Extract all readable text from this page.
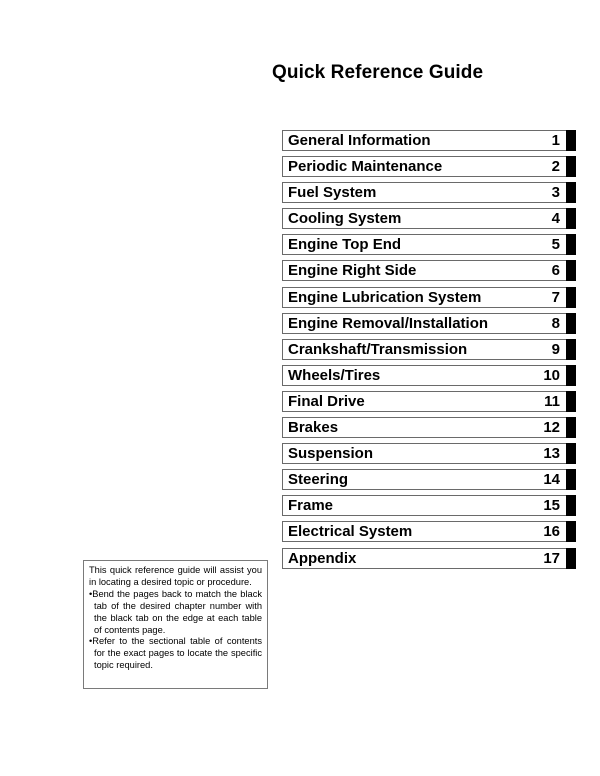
Quick Reference Guide
General Information	1
Periodic Maintenance	2
Fuel System	3
Cooling System	4
Engine Top End	5
Engine Right Side	6
Engine Lubrication System	7
Engine Removal/Installation	8
Crankshaft/Transmission	9
Wheels/Tires	10
Final Drive	11
Brakes	12
Suspension	13
Steering	14
Frame	15
Electrical System	16
Appendix	17

This quick reference guide will assist you in locating a desired topic or procedure.

•Bend the pages back to match the black tab of the desired chapter number with the black tab on the edge at each table of contents page.

•Refer to the sectional table of contents for the exact pages to locate the specific topic required.
